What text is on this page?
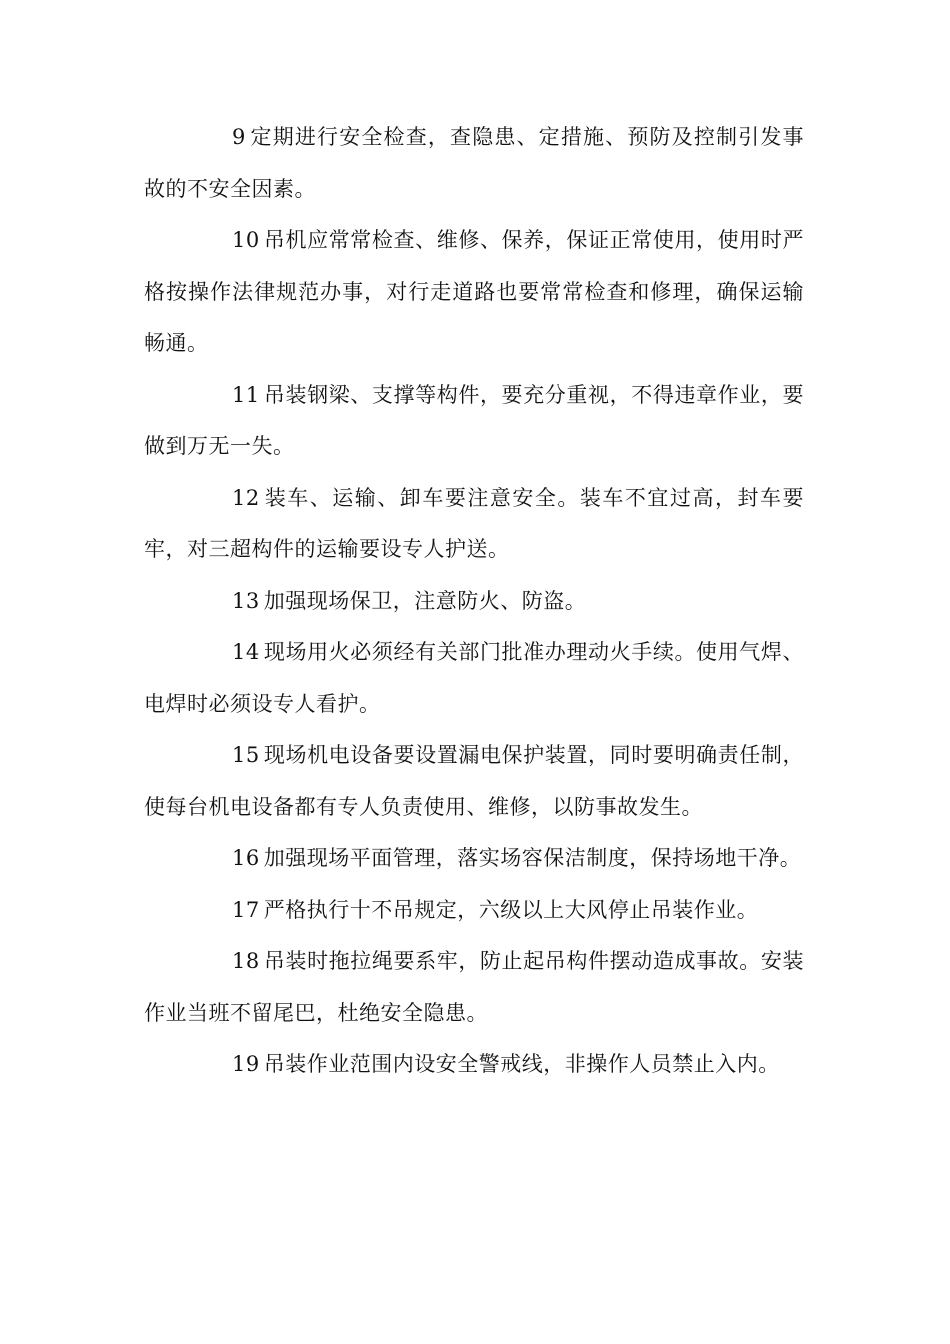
9 定期进行安全检查，查隐患、定措施、预防及控制引发事故的不安全因素。

10 吊机应常常检查、维修、保养，保证正常使用，使用时严格按操作法律规范办事，对行走道路也要常常检查和修理，确保运输畅通。

11 吊装钢梁、支撑等构件，要充分重视，不得违章作业，要做到万无一失。

12 装车、运输、卸车要注意安全。装车不宜过高，封车要牢，对三超构件的运输要设专人护送。

13 加强现场保卫，注意防火、防盗。

14 现场用火必须经有关部门批准办理动火手续。使用气焊、电焊时必须设专人看护。

15 现场机电设备要设置漏电保护装置，同时要明确责任制，使每台机电设备都有专人负责使用、维修，以防事故发生。

16 加强现场平面管理，落实场容保洁制度，保持场地干净。

17 严格执行十不吊规定，六级以上大风停止吊装作业。

18 吊装时拖拉绳要系牢，防止起吊构件摆动造成事故。安装作业当班不留尾巴，杜绝安全隐患。

19 吊装作业范围内设安全警戒线，非操作人员禁止入内。
